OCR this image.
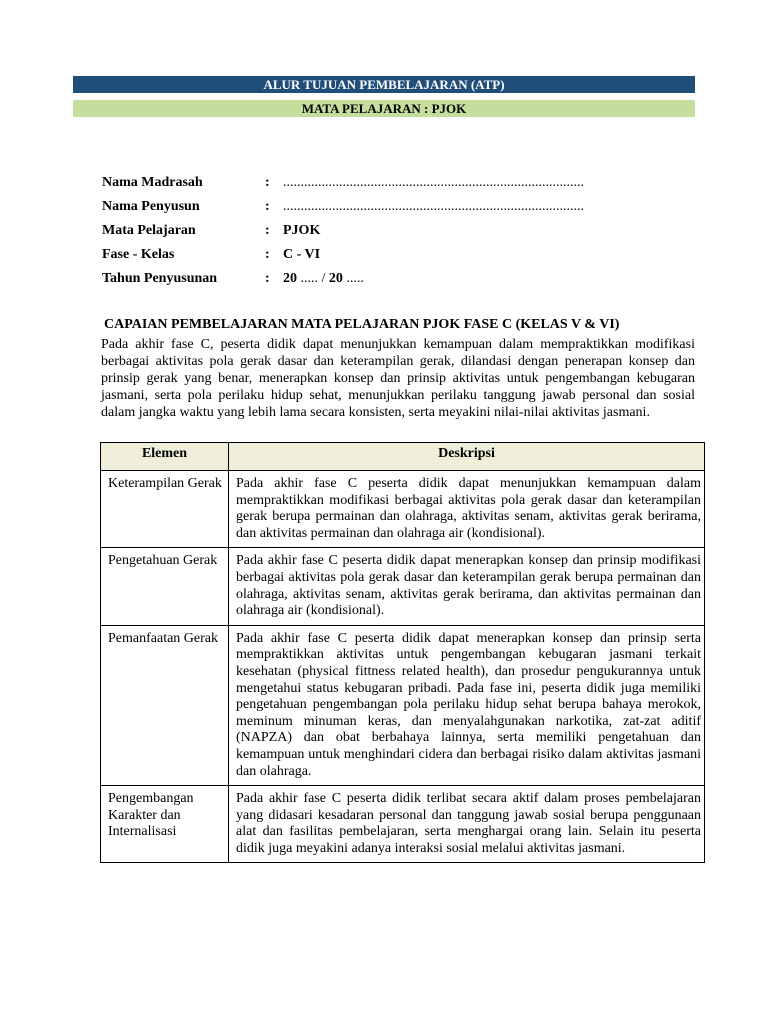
ALUR TUJUAN PEMBELAJARAN (ATP)
MATA PELAJARAN : PJOK
Nama Madrasah	: ......................................................................................
Nama Penyusun	: ......................................................................................
Mata Pelajaran	: PJOK
Fase - Kelas	: C - VI
Tahun Penyusunan	: 20 ..... / 20 .....
CAPAIAN PEMBELAJARAN MATA PELAJARAN PJOK FASE C (KELAS V & VI)
Pada akhir fase C, peserta didik dapat menunjukkan kemampuan dalam mempraktikkan modifikasi berbagai aktivitas pola gerak dasar dan keterampilan gerak, dilandasi dengan penerapan konsep dan prinsip gerak yang benar, menerapkan konsep dan prinsip aktivitas untuk pengembangan kebugaran jasmani, serta pola perilaku hidup sehat, menunjukkan perilaku tanggung jawab personal dan sosial dalam jangka waktu yang lebih lama secara konsisten, serta meyakini nilai-nilai aktivitas jasmani.
Elemen	Deskripsi
Keterampilan Gerak	Pada akhir fase C peserta didik dapat menunjukkan kemampuan dalam mempraktikkan modifikasi berbagai aktivitas pola gerak dasar dan keterampilan gerak berupa permainan dan olahraga, aktivitas senam, aktivitas gerak berirama, dan aktivitas permainan dan olahraga air (kondisional).
Pengetahuan Gerak	Pada akhir fase C peserta didik dapat menerapkan konsep dan prinsip modifikasi berbagai aktivitas pola gerak dasar dan keterampilan gerak berupa permainan dan olahraga, aktivitas senam, aktivitas gerak berirama, dan aktivitas permainan dan olahraga air (kondisional).
Pemanfaatan Gerak	Pada akhir fase C peserta didik dapat menerapkan konsep dan prinsip serta mempraktikkan aktivitas untuk pengembangan kebugaran jasmani terkait kesehatan (physical fittness related health), dan prosedur pengukurannya untuk mengetahui status kebugaran pribadi. Pada fase ini, peserta didik juga memiliki pengetahuan pengembangan pola perilaku hidup sehat berupa bahaya merokok, meminum minuman keras, dan menyalahgunakan narkotika, zat-zat aditif (NAPZA) dan obat berbahaya lainnya, serta memiliki pengetahuan dan kemampuan untuk menghindari cidera dan berbagai risiko dalam aktivitas jasmani dan olahraga.
Pengembangan Karakter dan Internalisasi	Pada akhir fase C peserta didik terlibat secara aktif dalam proses pembelajaran yang didasari kesadaran personal dan tanggung jawab sosial berupa penggunaan alat dan fasilitas pembelajaran, serta menghargai orang lain. Selain itu peserta didik juga meyakini adanya interaksi sosial melalui aktivitas jasmani.
